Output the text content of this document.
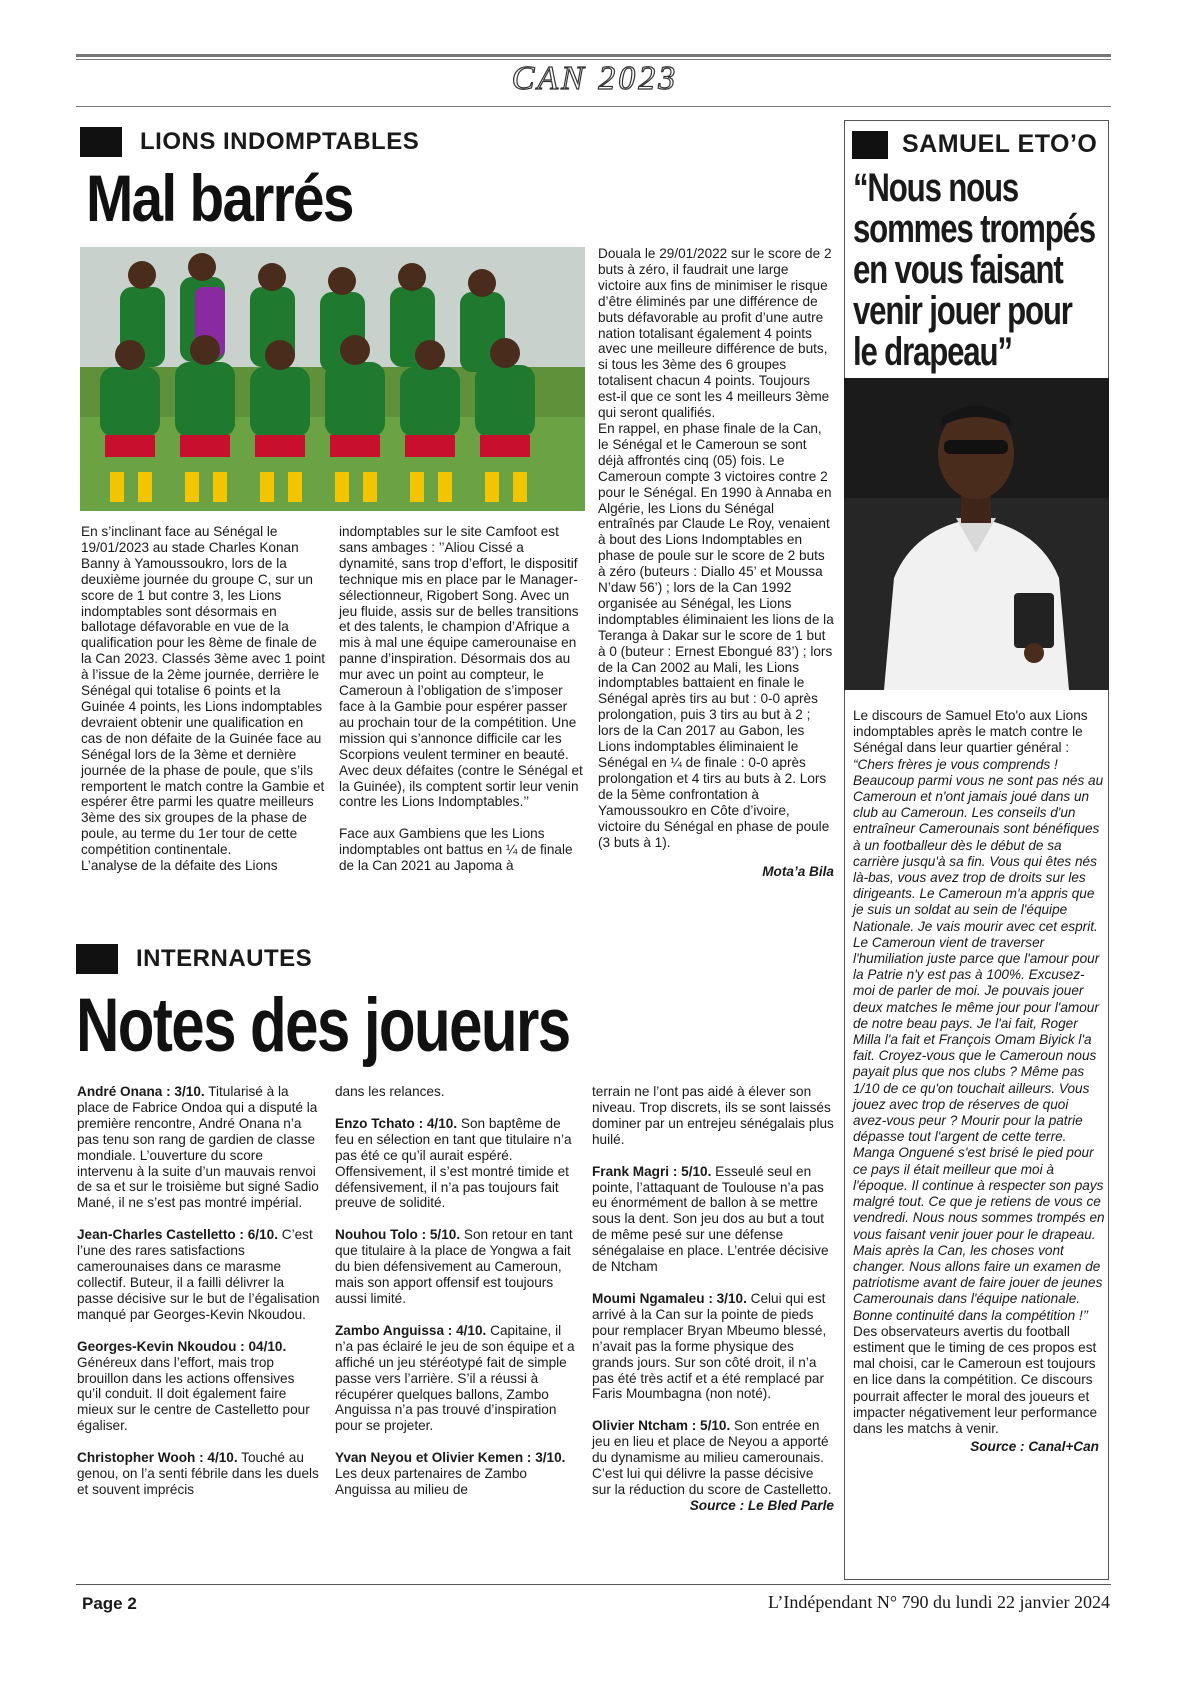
CAN 2023
LIONS INDOMPTABLES
Mal barrés

En s’inclinant face au Sénégal le 19/01/2023 au stade Charles Konan Banny à Yamoussoukro, lors de la deuxième journée du groupe C, sur un score de 1 but contre 3, les Lions indomptables sont désormais en ballotage défavorable en vue de la qualification pour les 8ème de finale de la Can 2023. Classés 3ème avec 1 point à l’issue de la 2ème journée, derrière le Sénégal qui totalise 6 points et la Guinée 4 points, les Lions indomptables devraient obtenir une qualification en cas de non défaite de la Guinée face au Sénégal lors de la 3ème et dernière journée de la phase de poule, que s’ils remportent le match contre la Gambie et espérer être parmi les quatre meilleurs 3ème des six groupes de la phase de poule, au terme du 1er tour de cette compétition continentale.

L’analyse de la défaite des Lions

indomptables sur le site Camfoot est sans ambages : ’’Aliou Cissé a dynamité, sans trop d’effort, le dispositif technique mis en place par le Manager-sélectionneur, Rigobert Song. Avec un jeu fluide, assis sur de belles transitions et des talents, le champion d’Afrique a mis à mal une équipe camerounaise en panne d’inspiration. Désormais dos au mur avec un point au compteur, le Cameroun à l’obligation de s’imposer face à la Gambie pour espérer passer au prochain tour de la compétition. Une mission qui s’annonce difficile car les Scorpions veulent terminer en beauté. Avec deux défaites (contre le Sénégal et la Guinée), ils comptent sortir leur venin contre les Lions Indomptables.’’

Face aux Gambiens que les Lions indomptables ont battus en ¼ de finale de la Can 2021 au Japoma à

Douala le 29/01/2022 sur le score de 2 buts à zéro, il faudrait une large victoire aux fins de minimiser le risque d’être éliminés par une différence de buts défavorable au profit d’une autre nation totalisant également 4 points avec une meilleure différence de buts, si tous les 3ème des 6 groupes totalisent chacun 4 points. Toujours est-il que ce sont les 4 meilleurs 3ème qui seront qualifiés.

En rappel, en phase finale de la Can, le Sénégal et le Cameroun se sont déjà affrontés cinq (05) fois. Le Cameroun compte 3 victoires contre 2 pour le Sénégal. En 1990 à Annaba en Algérie, les Lions du Sénégal entraînés par Claude Le Roy, venaient à bout des Lions Indomptables en phase de poule sur le score de 2 buts à zéro (buteurs : Diallo 45’ et Moussa N’daw 56’) ; lors de la Can 1992 organisée au Sénégal, les Lions indomptables éliminaient les lions de la Teranga à Dakar sur le score de 1 but à 0 (buteur : Ernest Ebongué 83’) ; lors de la Can 2002 au Mali, les Lions indomptables battaient en finale le Sénégal après tirs au but : 0-0 après prolongation, puis 3 tirs au but à 2 ; lors de la Can 2017 au Gabon, les Lions indomptables éliminaient le Sénégal en ¼ de finale : 0-0 après prolongation et 4 tirs au buts à 2. Lors de la 5ème confrontation à Yamoussoukro en Côte d’ivoire, victoire du Sénégal en phase de poule (3 buts à 1).

Mota’a Bila

INTERNAUTES
Notes des joueurs

André Onana : 3/10. Titularisé à la place de Fabrice Ondoa qui a disputé la première rencontre, André Onana n’a pas tenu son rang de gardien de classe mondiale. L’ouverture du score intervenu à la suite d’un mauvais renvoi de sa et sur le troisième but signé Sadio Mané, il ne s’est pas montré impérial.

Jean-Charles Castelletto : 6/10. C’est l’une des rares satisfactions camerounaises dans ce marasme collectif. Buteur, il a failli délivrer la passe décisive sur le but de l’égalisation manqué par Georges-Kevin Nkoudou.

Georges-Kevin Nkoudou : 04/10. Généreux dans l’effort, mais trop brouillon dans les actions offensives qu’il conduit. Il doit également faire mieux sur le centre de Castelletto pour égaliser.

Christopher Wooh : 4/10. Touché au genou, on l’a senti fébrile dans les duels et souvent imprécis

dans les relances.

Enzo Tchato : 4/10. Son baptême de feu en sélection en tant que titulaire n’a pas été ce qu’il aurait espéré. Offensivement, il s’est montré timide et défensivement, il n’a pas toujours fait preuve de solidité.

Nouhou Tolo : 5/10. Son retour en tant que titulaire à la place de Yongwa a fait du bien défensivement au Cameroun, mais son apport offensif est toujours aussi limité.

Zambo Anguissa : 4/10. Capitaine, il n’a pas éclairé le jeu de son équipe et a affiché un jeu stéréotypé fait de simple passe vers l’arrière. S’il a réussi à récupérer quelques ballons, Zambo Anguissa n’a pas trouvé d’inspiration pour se projeter.

Yvan Neyou et Olivier Kemen : 3/10. Les deux partenaires de Zambo Anguissa au milieu de

terrain ne l’ont pas aidé à élever son niveau. Trop discrets, ils se sont laissés dominer par un entrejeu sénégalais plus huilé.

Frank Magri : 5/10. Esseulé seul en pointe, l’attaquant de Toulouse n’a pas eu énormément de ballon à se mettre sous la dent. Son jeu dos au but a tout de même pesé sur une défense sénégalaise en place. L’entrée décisive de Ntcham

Moumi Ngamaleu : 3/10. Celui qui est arrivé à la Can sur la pointe de pieds pour remplacer Bryan Mbeumo blessé, n’avait pas la forme physique des grands jours. Sur son côté droit, il n’a pas été très actif et a été remplacé par Faris Moumbagna (non noté).

Olivier Ntcham : 5/10. Son entrée en jeu en lieu et place de Neyou a apporté du dynamisme au milieu camerounais. C’est lui qui délivre la passe décisive sur la réduction du score de Castelletto.

Source : Le Bled Parle

SAMUEL ETO’O
“Nous nous
sommes trompés
en vous faisant
venir jouer pour
le drapeau”

Le discours de Samuel Eto'o aux Lions indomptables après le match contre le Sénégal dans leur quartier général : “Chers frères je vous comprends ! Beaucoup parmi vous ne sont pas nés au Cameroun et n'ont jamais joué dans un club au Cameroun. Les conseils d'un entraîneur Camerounais sont bénéfiques à un footballeur dès le début de sa carrière jusqu'à sa fin. Vous qui êtes nés là-bas, vous avez trop de droits sur les dirigeants. Le Cameroun m'a appris que je suis un soldat au sein de l'équipe Nationale. Je vais mourir avec cet esprit. Le Cameroun vient de traverser l'humiliation juste parce que l'amour pour la Patrie n'y est pas à 100%. Excusez-moi de parler de moi. Je pouvais jouer deux matches le même jour pour l'amour de notre beau pays. Je l'ai fait, Roger Milla l'a fait et François Omam Biyick l'a fait. Croyez-vous que le Cameroun nous payait plus que nos clubs ? Même pas 1/10 de ce qu'on touchait ailleurs. Vous jouez avec trop de réserves de quoi avez-vous peur ? Mourir pour la patrie dépasse tout l'argent de cette terre. Manga Onguené s'est brisé le pied pour ce pays il était meilleur que moi à l'époque. Il continue à respecter son pays malgré tout. Ce que je retiens de vous ce vendredi. Nous nous sommes trompés en vous faisant venir jouer pour le drapeau. Mais après la Can, les choses vont changer. Nous allons faire un examen de patriotisme avant de faire jouer de jeunes Camerounais dans l'équipe nationale. Bonne continuité dans la compétition !’’ Des observateurs avertis du football estiment que le timing de ces propos est mal choisi, car le Cameroun est toujours en lice dans la compétition. Ce discours pourrait affecter le moral des joueurs et impacter négativement leur performance dans les matchs à venir.

Source : Canal+Can

Page 2	L’Indépendant N° 790 du lundi 22 janvier 2024
